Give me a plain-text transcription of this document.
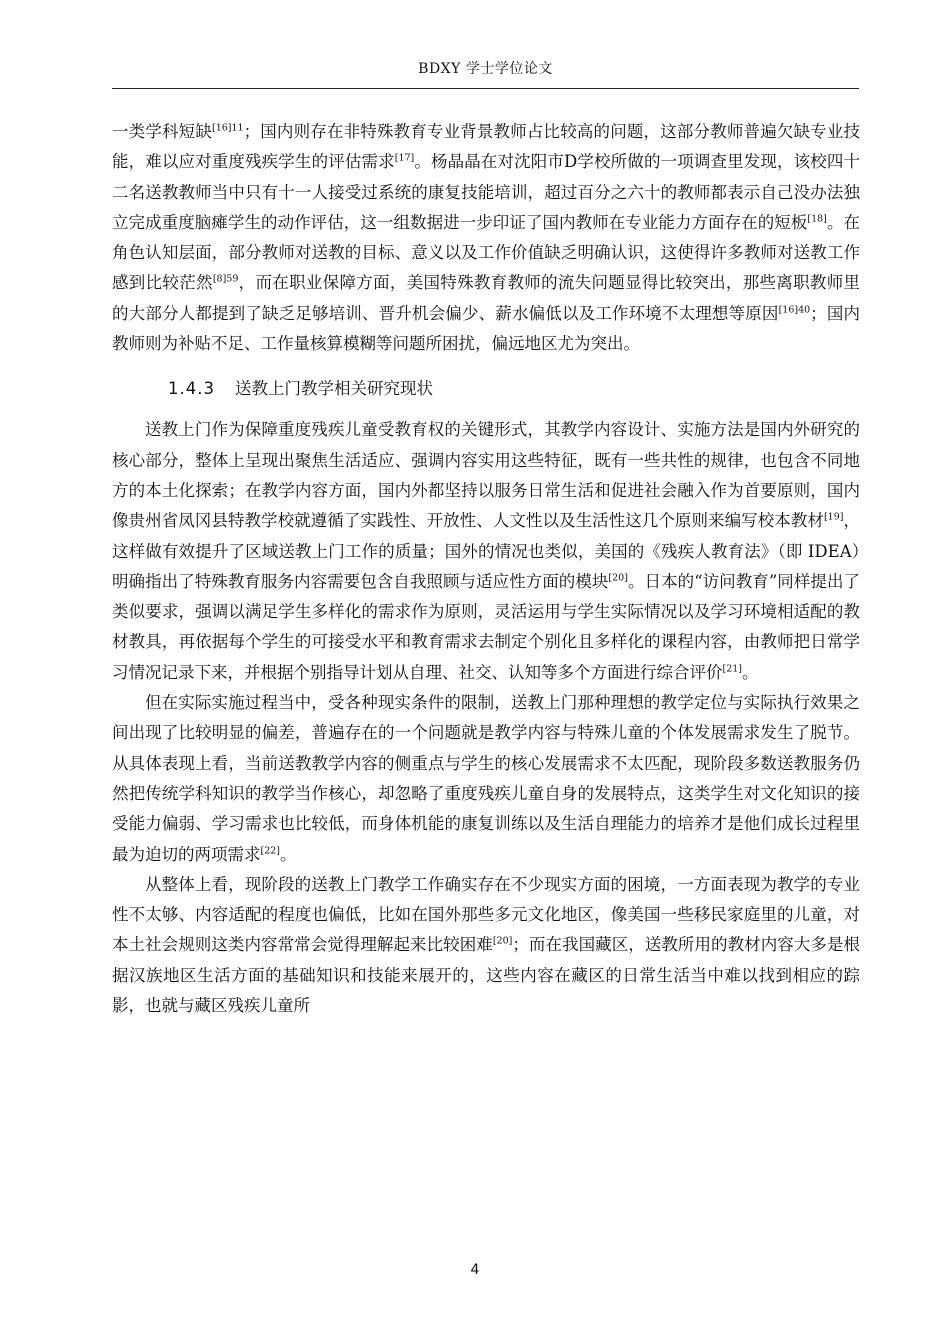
BDXY 学士学位论文

一类学科短缺$^{[16]11}$；国内则存在非特殊教育专业背景教师占比较高的问题，这部分教师普遍欠缺专业技能，难以应对重度残疾学生的评估需求[17]。杨晶晶在对沈阳市D学校所做的一项调查里发现，该校四十二名送教教师当中只有十一人接受过系统的康复技能培训，超过百分之六十的教师都表示自己没办法独立完成重度脑瘫学生的动作评估，这一组数据进一步印证了国内教师在专业能力方面存在的短板[18]。在角色认知层面，部分教师对送教的目标、意义以及工作价值缺乏明确认识，这使得许多教师对送教工作感到比较茫然$^{[8]59}$，而在职业保障方面，美国特殊教育教师的流失问题显得比较突出，那些离职教师里的大部分人都提到了缺乏足够培训、晋升机会偏少、薪水偏低以及工作环境不太理想等原因$^{[16]40}$；国内教师则为补贴不足、工作量核算模糊等问题所困扰，偏远地区尤为突出。

1.4.3 送教上门教学相关研究现状

送教上门作为保障重度残疾儿童受教育权的关键形式，其教学内容设计、实施方法是国内外研究的核心部分，整体上呈现出聚焦生活适应、强调内容实用这些特征，既有一些共性的规律，也包含不同地方的本土化探索；在教学内容方面，国内外都坚持以服务日常生活和促进社会融入作为首要原则，国内像贵州省凤冈县特教学校就遵循了实践性、开放性、人文性以及生活性这几个原则来编写校本教材[19]，这样做有效提升了区域送教上门工作的质量；国外的情况也类似，美国的《残疾人教育法》（即 IDEA）明确指出了特殊教育服务内容需要包含自我照顾与适应性方面的模块[20]。日本的“访问教育”同样提出了类似要求，强调以满足学生多样化的需求作为原则，灵活运用与学生实际情况以及学习环境相适配的教材教具，再依据每个学生的可接受水平和教育需求去制定个别化且多样化的课程内容，由教师把日常学习情况记录下来，并根据个别指导计划从自理、社交、认知等多个方面进行综合评价[21]。

但在实际实施过程当中，受各种现实条件的限制，送教上门那种理想的教学定位与实际执行效果之间出现了比较明显的偏差，普遍存在的一个问题就是教学内容与特殊儿童的个体发展需求发生了脱节。从具体表现上看，当前送教教学内容的侧重点与学生的核心发展需求不太匹配，现阶段多数送教服务仍然把传统学科知识的教学当作核心，却忽略了重度残疾儿童自身的发展特点，这类学生对文化知识的接受能力偏弱、学习需求也比较低，而身体机能的康复训练以及生活自理能力的培养才是他们成长过程里最为迫切的两项需求[22]。

从整体上看，现阶段的送教上门教学工作确实存在不少现实方面的困境，一方面表现为教学的专业性不太够、内容适配的程度也偏低，比如在国外那些多元文化地区，像美国一些移民家庭里的儿童，对本土社会规则这类内容常常会觉得理解起来比较困难[20]；而在我国藏区，送教所用的教材内容大多是根据汉族地区生活方面的基础知识和技能来展开的，这些内容在藏区的日常生活当中难以找到相应的踪影，也就与藏区残疾儿童所

4
